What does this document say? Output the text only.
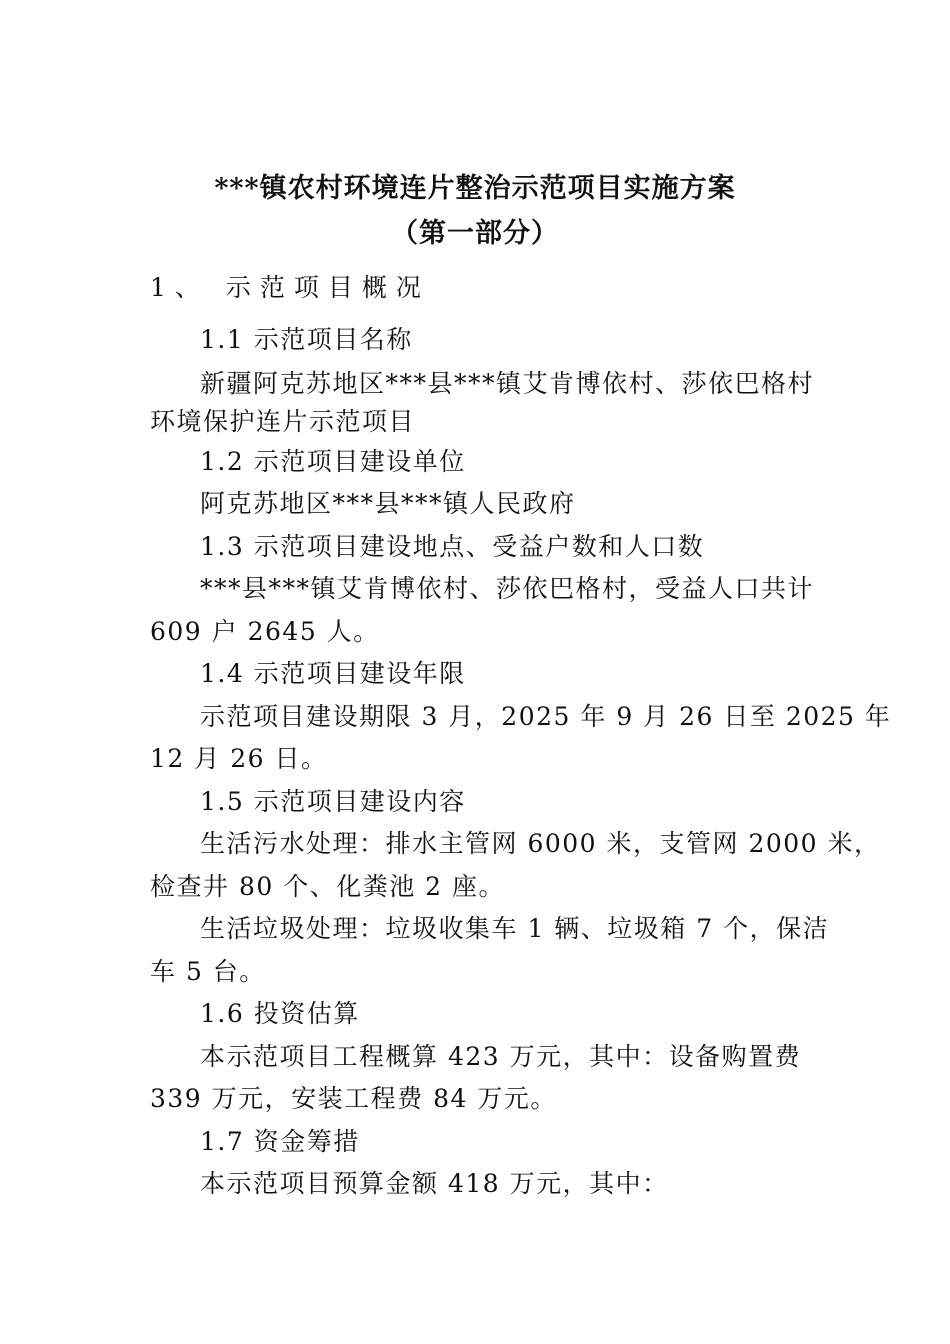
***镇农村环境连片整治示范项目实施方案
（第一部分）
1、 示范项目概况
1.1 示范项目名称
新疆阿克苏地区***县***镇艾肯博依村、莎依巴格村
环境保护连片示范项目
1.2 示范项目建设单位
阿克苏地区***县***镇人民政府
1.3 示范项目建设地点、受益户数和人口数
***县***镇艾肯博依村、莎依巴格村，受益人口共计
609 户 2645 人。
1.4 示范项目建设年限
示范项目建设期限 3 月，2025 年 9 月 26 日至 2025 年
12 月 26 日。
1.5 示范项目建设内容
生活污水处理：排水主管网 6000 米，支管网 2000 米，
检查井 80 个、化粪池 2 座。
生活垃圾处理：垃圾收集车 1 辆、垃圾箱 7 个，保洁
车 5 台。
1.6 投资估算
本示范项目工程概算 423 万元，其中：设备购置费
339 万元，安装工程费 84 万元。
1.7 资金筹措
本示范项目预算金额 418 万元，其中：
